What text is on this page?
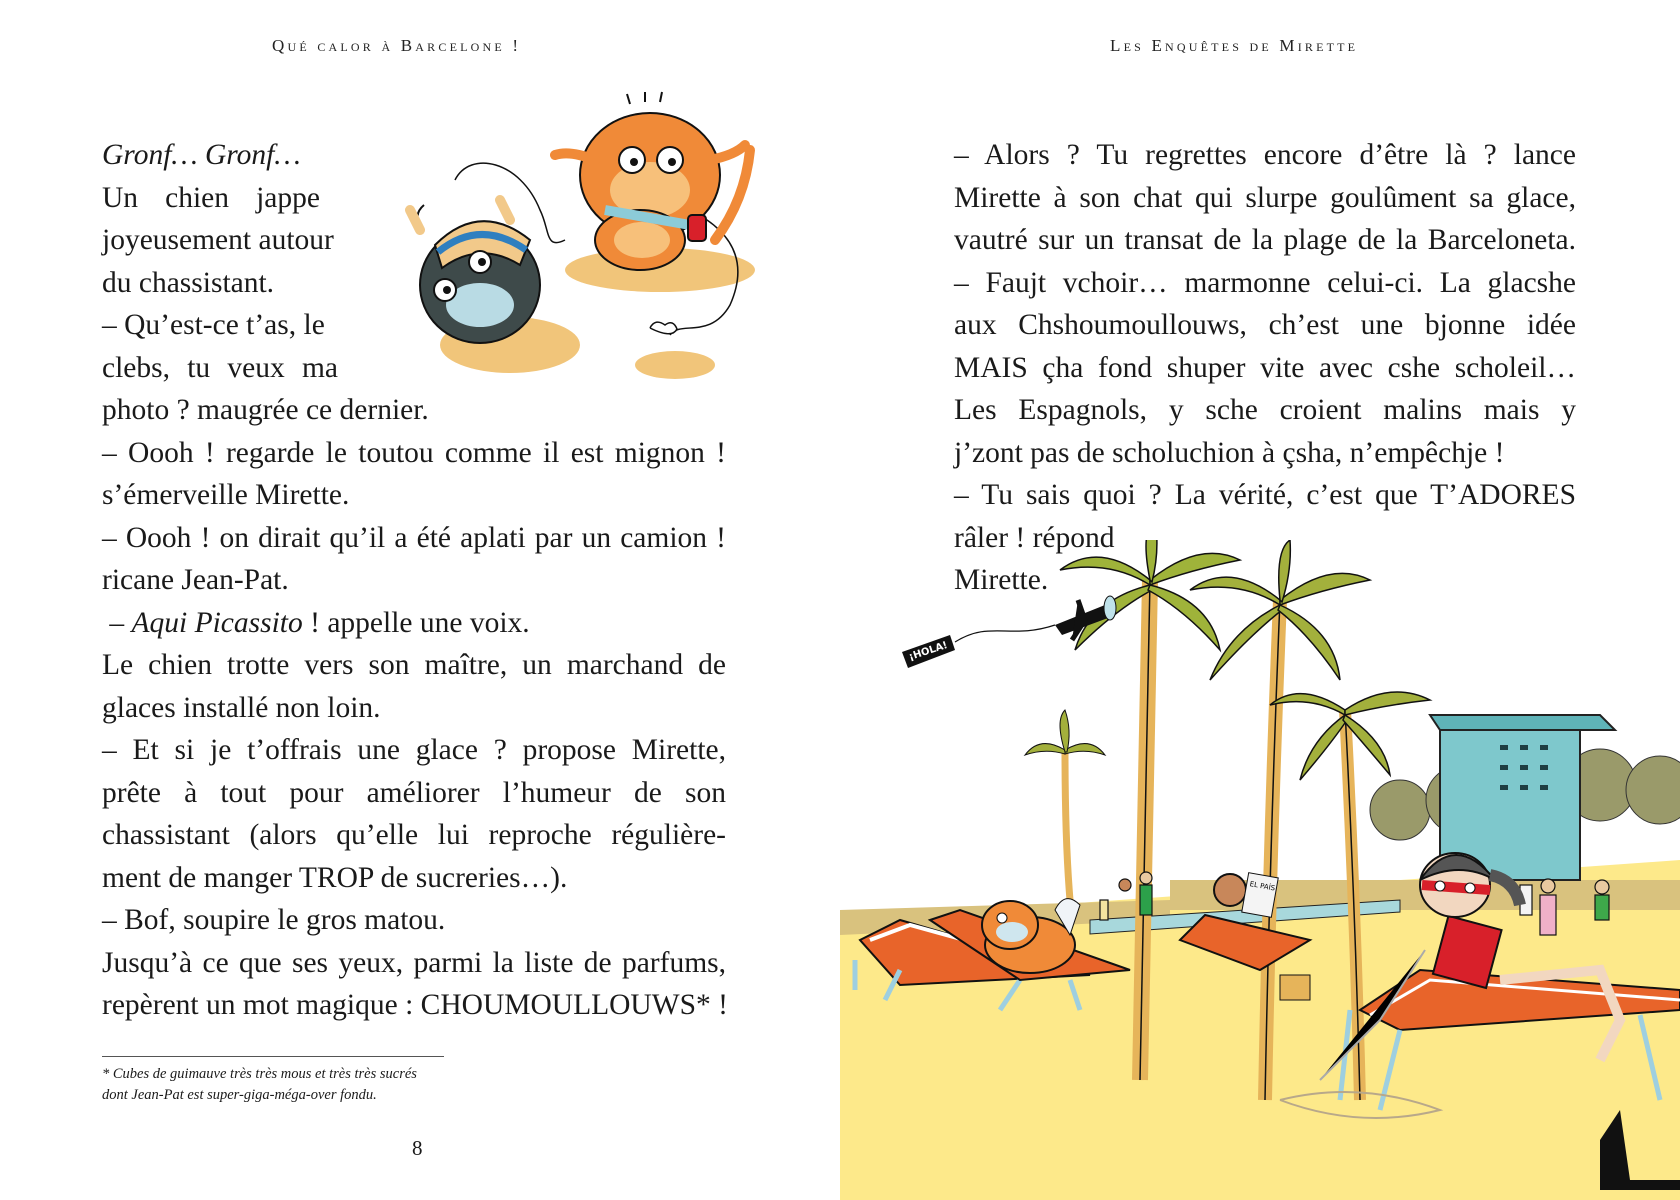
Qué calor à Barcelone !
Gronf… Gronf…
Un chien jappe
joyeusement autour
du chassistant.
– Qu’est-ce t’as, le
clebs, tu veux ma
photo ? maugrée ce dernier.
– Oooh ! regarde le toutou comme il est mignon !
s’émerveille Mirette.
– Oooh ! on dirait qu’il a été aplati par un camion !
ricane Jean-Pat.
– Aqui Picassito ! appelle une voix.
Le chien trotte vers son maître, un marchand de
glaces installé non loin.
– Et si je t’offrais une glace ? propose Mirette,
prête à tout pour améliorer l’humeur de son
chassistant (alors qu’elle lui reproche régulière-
ment de manger TROP de sucreries…).
– Bof, soupire le gros matou.
Jusqu’à ce que ses yeux, parmi la liste de parfums,
repèrent un mot magique : CHOUMOULLOUWS* !
* Cubes de guimauve très très mous et très très sucrés
dont Jean-Pat est super-giga-méga-over fondu.
8
Les Enquêtes de Mirette
– Alors ? Tu regrettes encore d’être là ? lance
Mirette à son chat qui slurpe goulûment sa glace,
vautré sur un transat de la plage de la Barceloneta.
– Faujt vchoir… marmonne celui-ci. La glacshe
aux Chshoumoullouws, ch’est une bjonne idée
MAIS çha fond shuper vite avec cshe scholeil…
Les Espagnols, y sche croient malins mais y
j’zont pas de scholuchion à çsha, n’empêchje !
– Tu sais quoi ? La vérité, c’est que T’ADORES
râler ! répond
Mirette.
¡HOLA!
EL PAÍS
